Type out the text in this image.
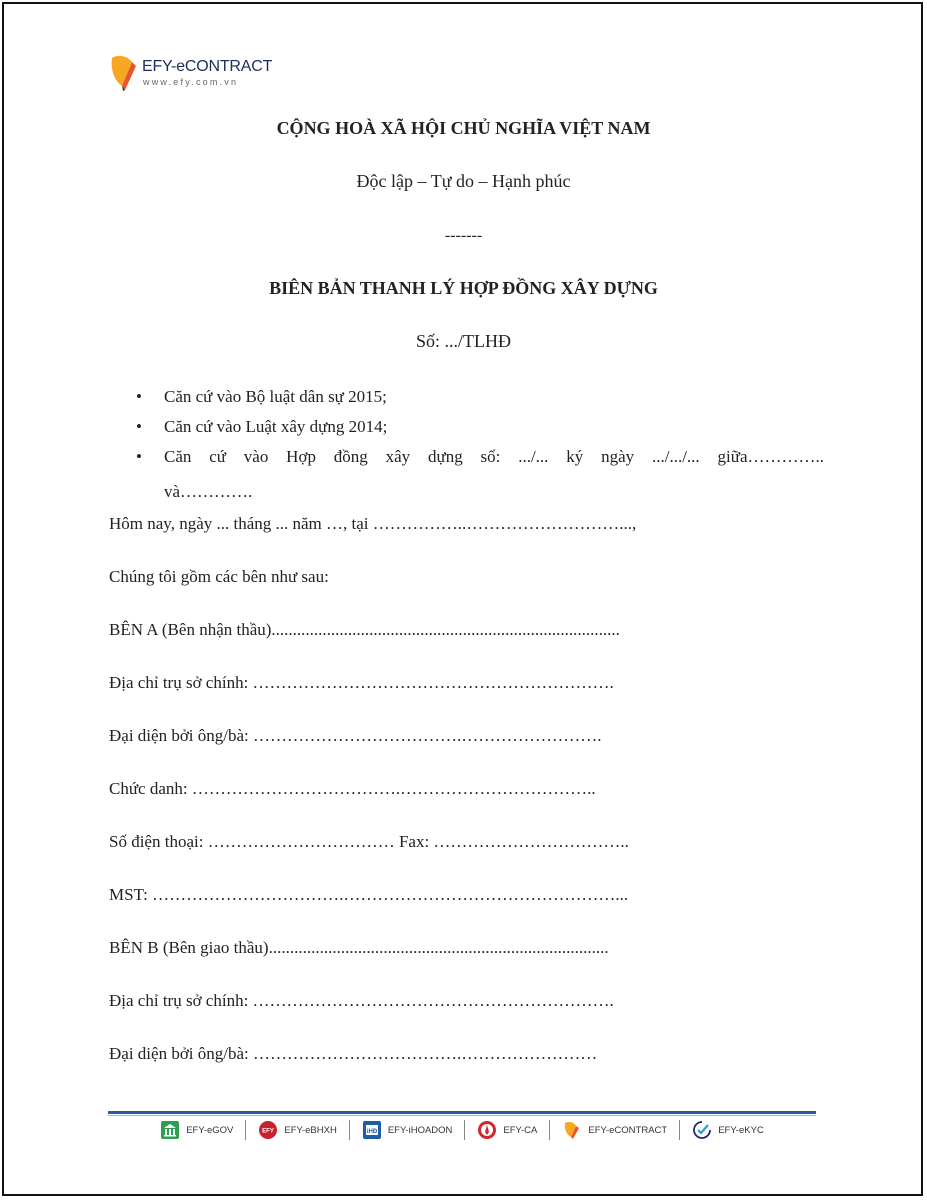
EFY-eCONTRACT
www.efy.com.vn
CỘNG HOÀ XÃ HỘI CHỦ NGHĨA VIỆT NAM
Độc lập – Tự do – Hạnh phúc
-------
BIÊN BẢN THANH LÝ HỢP ĐỒNG XÂY DỰNG
Số: .../TLHĐ
• Căn cứ vào Bộ luật dân sự 2015;
• Căn cứ vào Luật xây dựng 2014;
• Căn cứ vào Hợp đồng xây dựng số: .../... ký ngày .../.../... giữa…………..
và………….
Hôm nay, ngày ... tháng ... năm …, tại ……………..………………………...,
Chúng tôi gồm các bên như sau:
BÊN A (Bên nhận thầu)..................................................................................
Địa chỉ trụ sở chính: ……………………………………………………….
Đại diện bởi ông/bà: ……………………………….…………………….
Chức danh: ……………………………….……………………………..
Số điện thoại: …………………………… Fax: ……………………………..
MST: …………………………….…………………………………………...
BÊN B (Bên giao thầu)................................................................................
Địa chỉ trụ sở chính: ……………………………………………………….
Đại diện bởi ông/bà: ……………………………….……………………
EFY-eGOV	EFY EFY-eBHXH	iHĐ EFY-iHOADON	EFY-CA	EFY-eCONTRACT	EFY-eKYC
